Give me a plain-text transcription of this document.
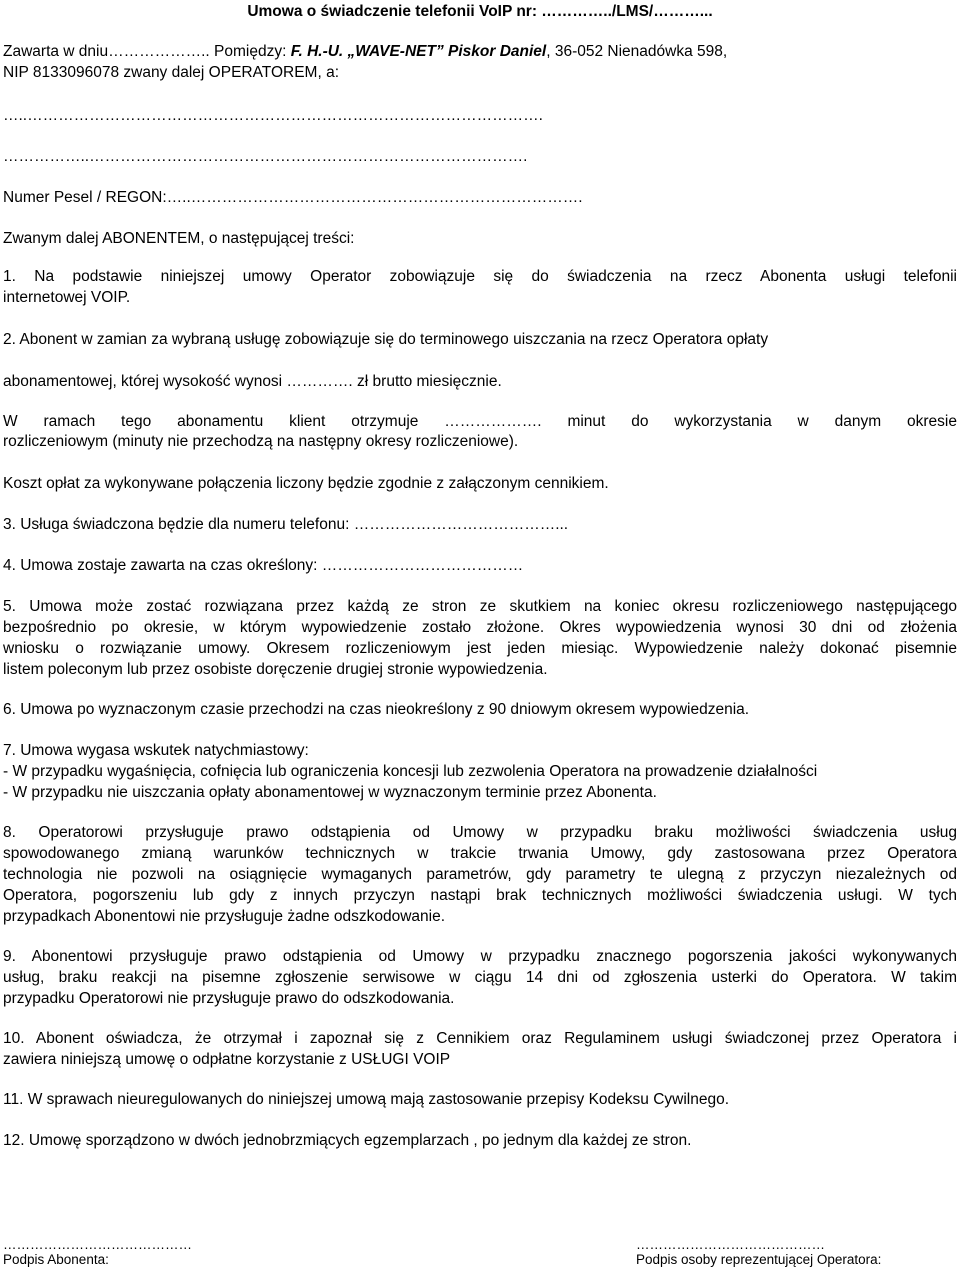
Umowa o świadczenie telefonii VoIP nr: …………../LMS/………...
Zawarta w dniu……………….. Pomiędzy: F. H.-U. „WAVE-NET” Piskor Daniel, 36-052 Nienadówka 598,
NIP 8133096078 zwany dalej OPERATOREM, a:
…..……………………………………………………………………………………….
……………..………………………………………………………………………….
Numer Pesel / REGON:…..………………………………………………………………….
Zwanym dalej ABONENTEM, o następującej treści:
1. Na podstawie niniejszej umowy Operator zobowiązuje się do świadczenia na rzecz Abonenta usługi telefonii
internetowej VOIP.
2. Abonent w zamian za wybraną usługę zobowiązuje się do terminowego uiszczania na rzecz Operatora opłaty
abonamentowej, której wysokość wynosi …………. zł brutto miesięcznie.
W ramach tego abonamentu klient otrzymuje ………………. minut do wykorzystania w danym okresie
rozliczeniowym (minuty nie przechodzą na następny okresy rozliczeniowe).
Koszt opłat za wykonywane połączenia liczony będzie zgodnie z załączonym cennikiem.
3. Usługa świadczona będzie dla numeru telefonu: …………………………………...
4. Umowa zostaje zawarta na czas określony: …………………………………
5. Umowa może zostać rozwiązana przez każdą ze stron ze skutkiem na koniec okresu rozliczeniowego następującego
bezpośrednio po okresie, w którym wypowiedzenie zostało złożone. Okres wypowiedzenia wynosi 30 dni od złożenia
wniosku o rozwiązanie umowy. Okresem rozliczeniowym jest jeden miesiąc. Wypowiedzenie należy dokonać pisemnie
listem poleconym lub przez osobiste doręczenie drugiej stronie wypowiedzenia.
6. Umowa po wyznaczonym czasie przechodzi na czas nieokreślony z 90 dniowym okresem wypowiedzenia.
7. Umowa wygasa wskutek natychmiastowy:
- W przypadku wygaśnięcia, cofnięcia lub ograniczenia koncesji lub zezwolenia Operatora na prowadzenie działalności
- W przypadku nie uiszczania opłaty abonamentowej w wyznaczonym terminie przez Abonenta.
8. Operatorowi przysługuje prawo odstąpienia od Umowy w przypadku braku możliwości świadczenia usług
spowodowanego zmianą warunków technicznych w trakcie trwania Umowy, gdy zastosowana przez Operatora
technologia nie pozwoli na osiągnięcie wymaganych parametrów, gdy parametry te ulegną z przyczyn niezależnych od
Operatora, pogorszeniu lub gdy z innych przyczyn nastąpi brak technicznych możliwości świadczenia usługi. W tych
przypadkach Abonentowi nie przysługuje żadne odszkodowanie.
9. Abonentowi przysługuje prawo odstąpienia od Umowy w przypadku znacznego pogorszenia jakości wykonywanych
usług, braku reakcji na pisemne zgłoszenie serwisowe w ciągu 14 dni od zgłoszenia usterki do Operatora. W takim
przypadku Operatorowi nie przysługuje prawo do odszkodowania.
10. Abonent oświadcza, że otrzymał i zapoznał się z Cennikiem oraz Regulaminem usługi świadczonej przez Operatora i
zawiera niniejszą umowę o odpłatne korzystanie z USŁUGI VOIP
11. W sprawach nieuregulowanych do niniejszej umową mają zastosowanie przepisy Kodeksu Cywilnego.
12. Umowę sporządzono w dwóch jednobrzmiących egzemplarzach , po jednym dla każdej ze stron.
……………………………………
Podpis Abonenta:
……………………………………
Podpis osoby reprezentującej Operatora:
